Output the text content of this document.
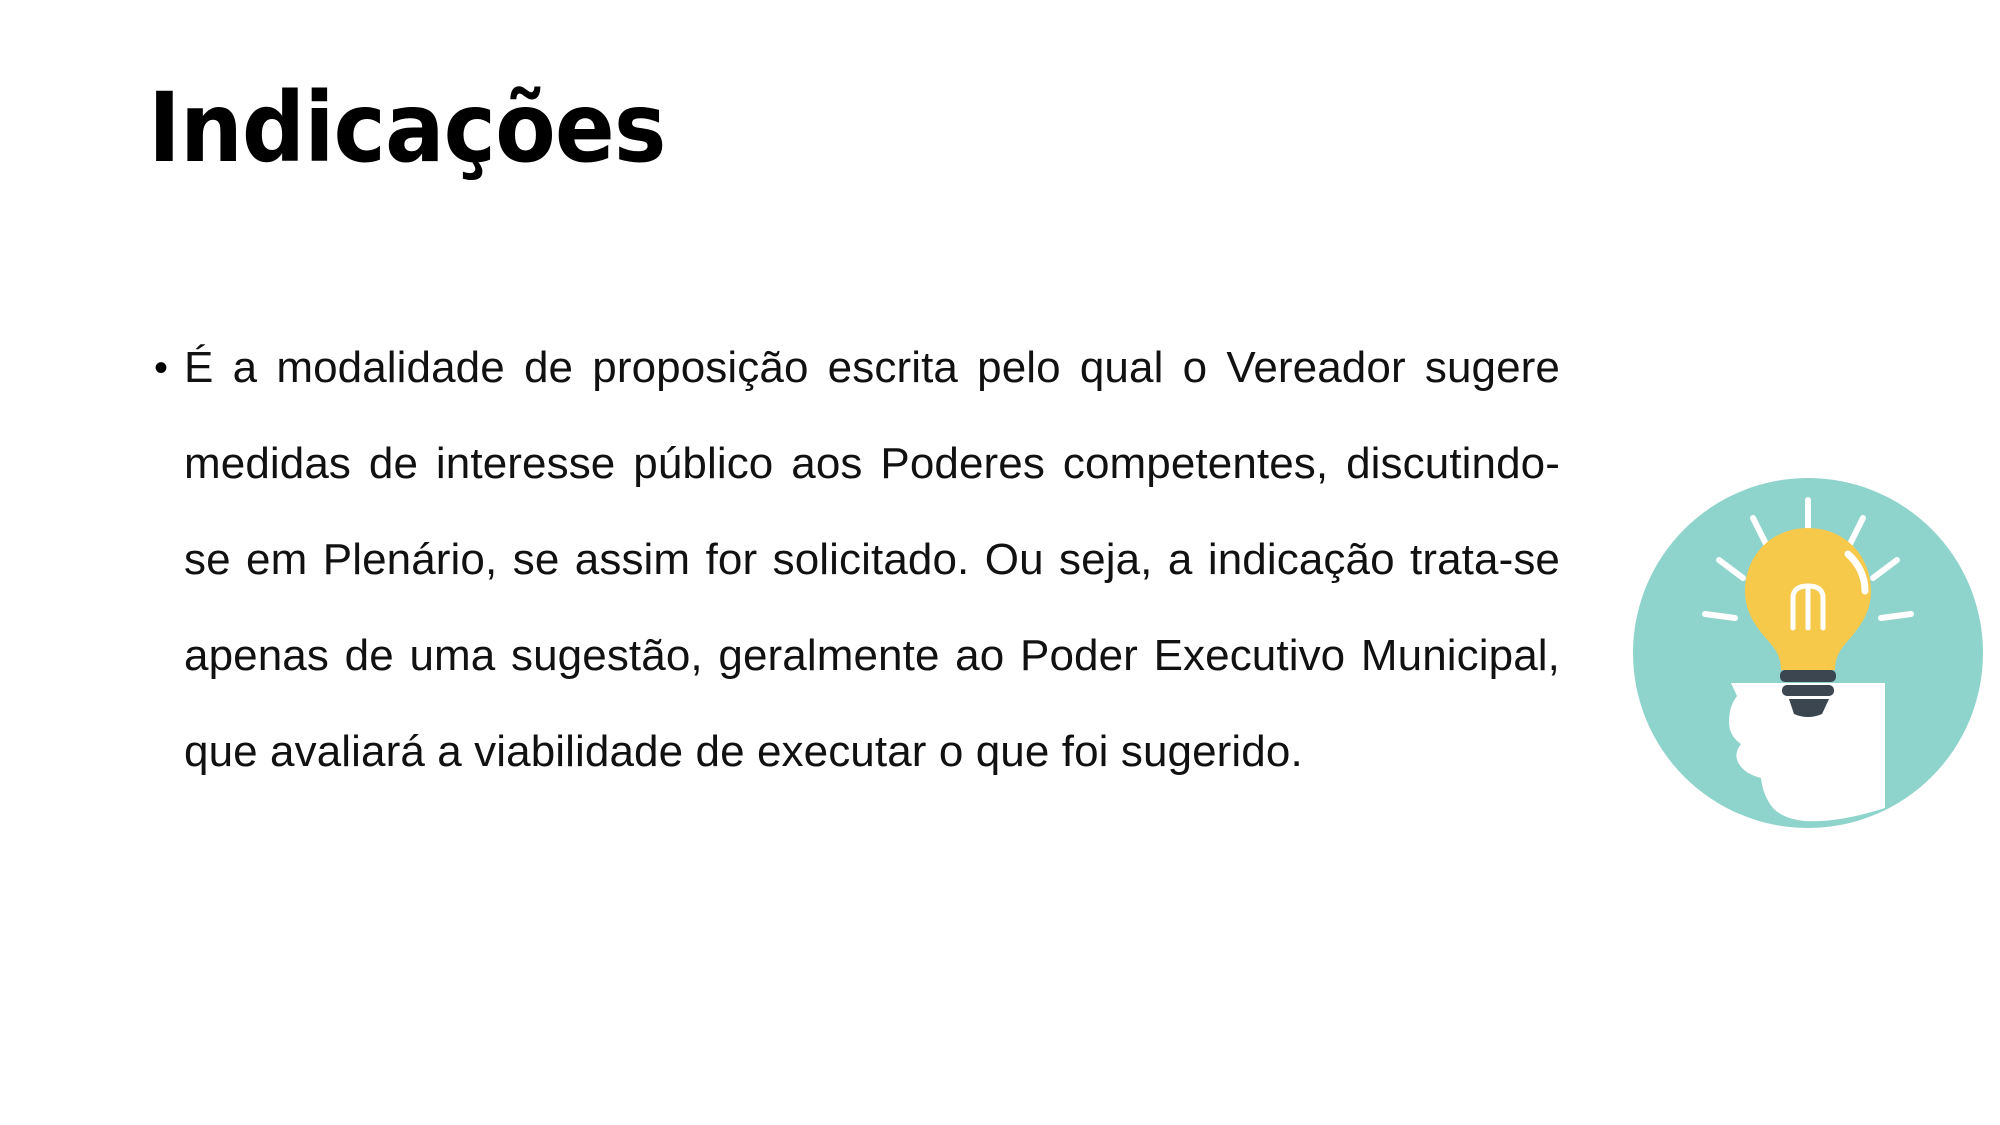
Indicações
• É a modalidade de proposição escrita pelo qual o Vereador sugere medidas de interesse público aos Poderes competentes, discutindo-se em Plenário, se assim for solicitado. Ou seja, a indicação trata-se apenas de uma sugestão, geralmente ao Poder Executivo Municipal, que avaliará a viabilidade de executar o que foi sugerido.
